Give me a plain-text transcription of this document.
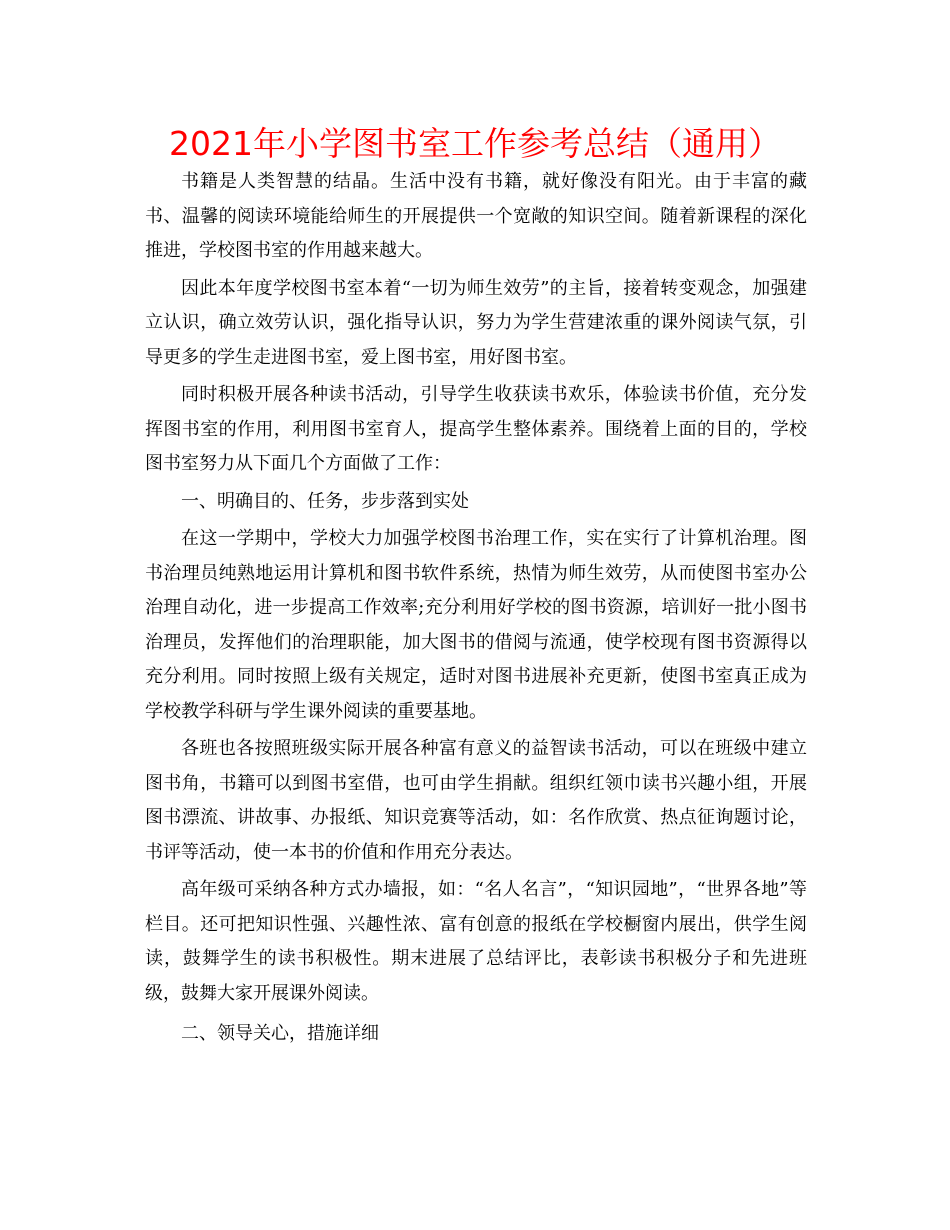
2021年小学图书室工作参考总结（通用）

书籍是人类智慧的结晶。生活中没有书籍，就好像没有阳光。由于丰富的藏书、温馨的阅读环境能给师生的开展提供一个宽敞的知识空间。随着新课程的深化推进，学校图书室的作用越来越大。

因此本年度学校图书室本着“一切为师生效劳”的主旨，接着转变观念，加强建立认识，确立效劳认识，强化指导认识，努力为学生营建浓重的课外阅读气氛，引导更多的学生走进图书室，爱上图书室，用好图书室。

同时积极开展各种读书活动，引导学生收获读书欢乐，体验读书价值，充分发挥图书室的作用，利用图书室育人，提高学生整体素养。围绕着上面的目的，学校图书室努力从下面几个方面做了工作：

一、明确目的、任务，步步落到实处

在这一学期中，学校大力加强学校图书治理工作，实在实行了计算机治理。图书治理员纯熟地运用计算机和图书软件系统，热情为师生效劳，从而使图书室办公治理自动化，进一步提高工作效率;充分利用好学校的图书资源，培训好一批小图书治理员，发挥他们的治理职能，加大图书的借阅与流通，使学校现有图书资源得以充分利用。同时按照上级有关规定，适时对图书进展补充更新，使图书室真正成为学校教学科研与学生课外阅读的重要基地。

各班也各按照班级实际开展各种富有意义的益智读书活动，可以在班级中建立图书角，书籍可以到图书室借，也可由学生捐献。组织红领巾读书兴趣小组，开展图书漂流、讲故事、办报纸、知识竞赛等活动，如：名作欣赏、热点征询题讨论，书评等活动，使一本书的价值和作用充分表达。

高年级可采纳各种方式办墙报，如：“名人名言”，“知识园地”，“世界各地”等栏目。还可把知识性强、兴趣性浓、富有创意的报纸在学校橱窗内展出，供学生阅读，鼓舞学生的读书积极性。期末进展了总结评比，表彰读书积极分子和先进班级，鼓舞大家开展课外阅读。

二、领导关心，措施详细
